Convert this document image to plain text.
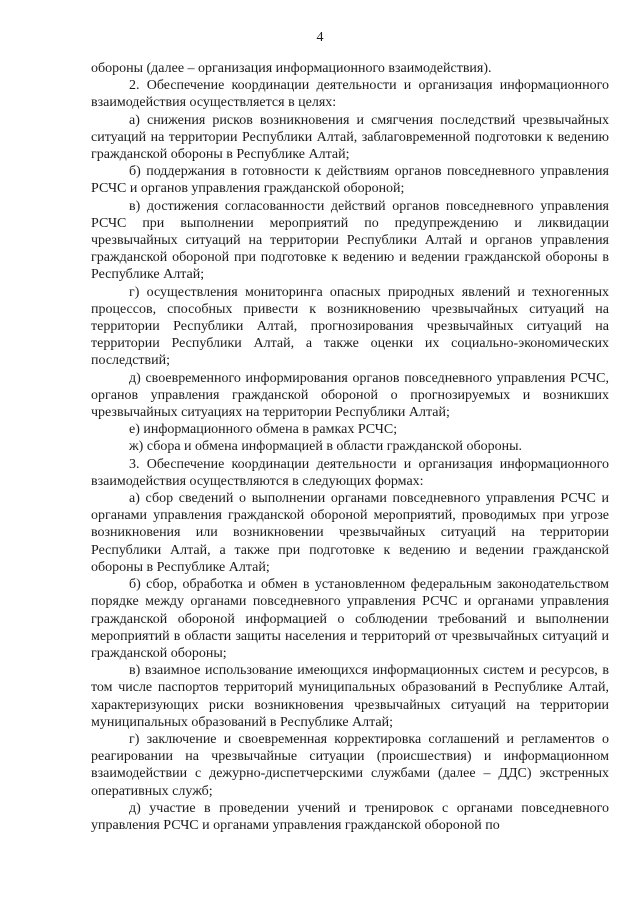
4

обороны (далее – организация информационного взаимодействия).

2. Обеспечение координации деятельности и организация информационного взаимодействия осуществляется в целях:

а) снижения рисков возникновения и смягчения последствий чрезвычайных ситуаций на территории Республики Алтай, заблаговременной подготовки к ведению гражданской обороны в Республике Алтай;

б) поддержания в готовности к действиям органов повседневного управления РСЧС и органов управления гражданской обороной;

в) достижения согласованности действий органов повседневного управления РСЧС при выполнении мероприятий по предупреждению и ликвидации чрезвычайных ситуаций на территории Республики Алтай и органов управления гражданской обороной при подготовке к ведению и ведении гражданской обороны в Республике Алтай;

г) осуществления мониторинга опасных природных явлений и техногенных процессов, способных привести к возникновению чрезвычайных ситуаций на территории Республики Алтай, прогнозирования чрезвычайных ситуаций на территории Республики Алтай, а также оценки их социально-экономических последствий;

д) своевременного информирования органов повседневного управления РСЧС, органов управления гражданской обороной о прогнозируемых и возникших чрезвычайных ситуациях на территории Республики Алтай;

е) информационного обмена в рамках РСЧС;

ж) сбора и обмена информацией в области гражданской обороны.

3. Обеспечение координации деятельности и организация информационного взаимодействия осуществляются в следующих формах:

а) сбор сведений о выполнении органами повседневного управления РСЧС и органами управления гражданской обороной мероприятий, проводимых при угрозе возникновения или возникновении чрезвычайных ситуаций на территории Республики Алтай, а также при подготовке к ведению и ведении гражданской обороны в Республике Алтай;

б) сбор, обработка и обмен в установленном федеральным законодательством порядке между органами повседневного управления РСЧС и органами управления гражданской обороной информацией о соблюдении требований и выполнении мероприятий в области защиты населения и территорий от чрезвычайных ситуаций и гражданской обороны;

в) взаимное использование имеющихся информационных систем и ресурсов, в том числе паспортов территорий муниципальных образований в Республике Алтай, характеризующих риски возникновения чрезвычайных ситуаций на территории муниципальных образований в Республике Алтай;

г) заключение и своевременная корректировка соглашений и регламентов о реагировании на чрезвычайные ситуации (происшествия) и информационном взаимодействии с дежурно-диспетчерскими службами (далее – ДДС) экстренных оперативных служб;

д) участие в проведении учений и тренировок с органами повседневного управления РСЧС и органами управления гражданской обороной по
